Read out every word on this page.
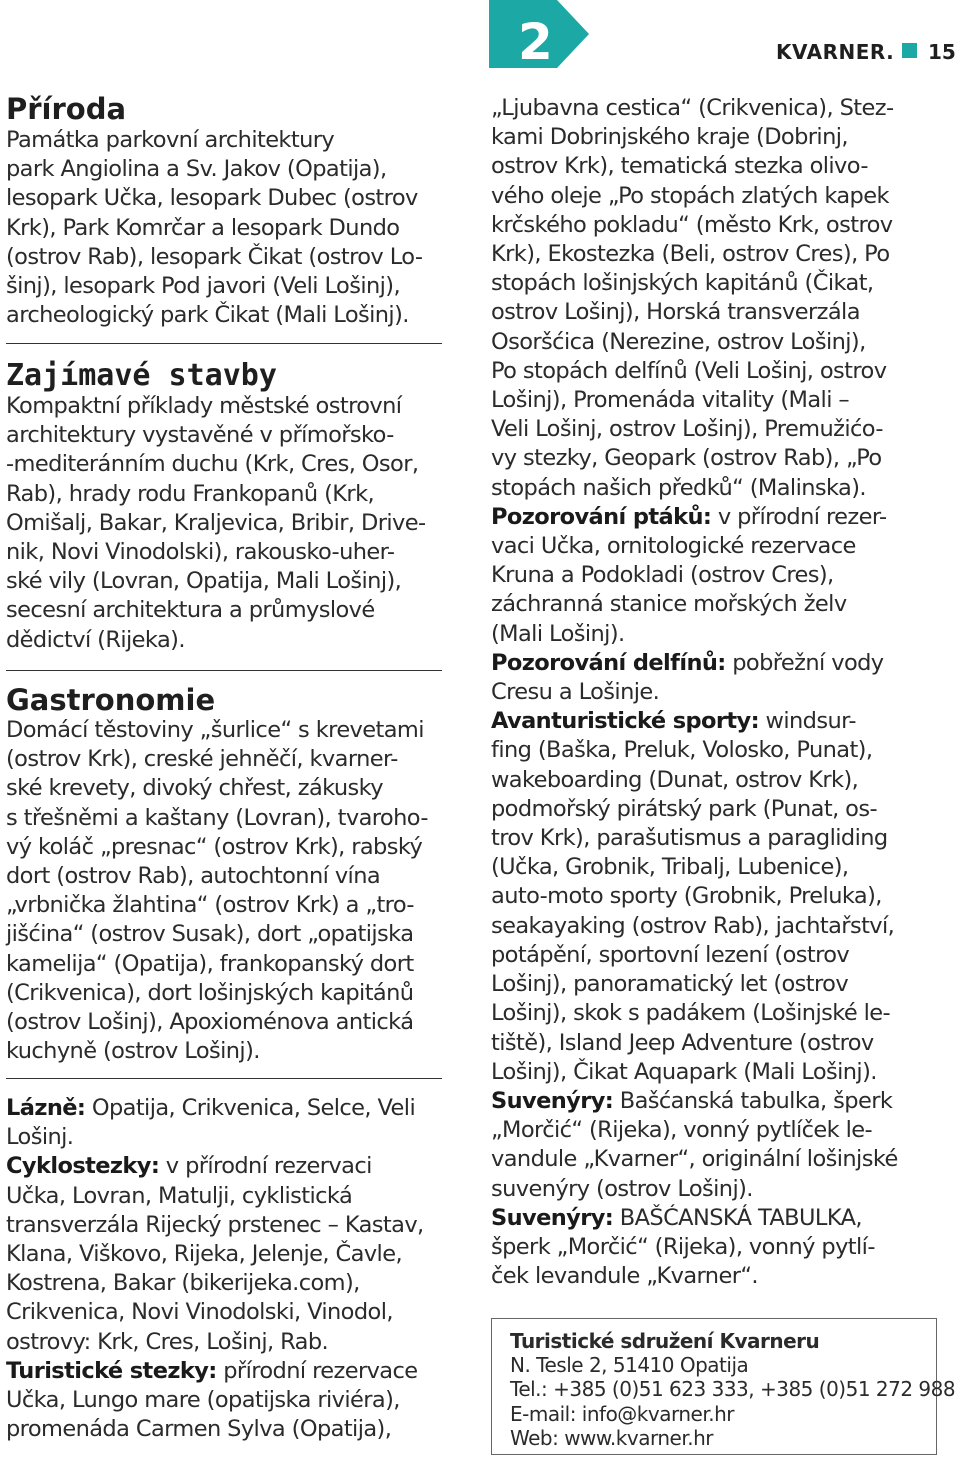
2	KVARNER. 15
Příroda

Památka parkovní architektury

park Angiolina a Sv. Jakov (Opatija),

lesopark Učka, lesopark Dubec (ostrov

Krk), Park Komrčar a lesopark Dundo

(ostrov Rab), lesopark Čikat (ostrov Lo-

šinj), lesopark Pod javori (Veli Lošinj),

archeologický park Čikat (Mali Lošinj).

Zajímavé stavby

Kompaktní příklady městské ostrovní

architektury vystavěné v přímořsko-

-mediteránním duchu (Krk, Cres, Osor,

Rab), hrady rodu Frankopanů (Krk,

Omišalj, Bakar, Kraljevica, Bribir, Drive-

nik, Novi Vinodolski), rakousko-uher-

ské vily (Lovran, Opatija, Mali Lošinj),

secesní architektura a průmyslové

dědictví (Rijeka).

Gastronomie

Domácí těstoviny „šurlice“ s krevetami

(ostrov Krk), creské jehněčí, kvarner-

ské krevety, divoký chřest, zákusky

s třešněmi a kaštany (Lovran), tvaroho-

vý koláč „presnac“ (ostrov Krk), rabský

dort (ostrov Rab), autochtonní vína

„vrbnička žlahtina“ (ostrov Krk) a „tro-

jišćina“ (ostrov Susak), dort „opatijska

kamelija“ (Opatija), frankopanský dort

(Crikvenica), dort lošinjských kapitánů

(ostrov Lošinj), Apoxioménova antická

kuchyně (ostrov Lošinj).

Lázně: Opatija, Crikvenica, Selce, Veli

Lošinj.

Cyklostezky: v přírodní rezervaci

Učka, Lovran, Matulji, cyklistická

transverzála Rijecký prstenec – Kastav,

Klana, Viškovo, Rijeka, Jelenje, Čavle,

Kostrena, Bakar (bikerijeka.com),

Crikvenica, Novi Vinodolski, Vinodol,

ostrovy: Krk, Cres, Lošinj, Rab.

Turistické stezky: přírodní rezervace

Učka, Lungo mare (opatijska riviéra),

promenáda Carmen Sylva (Opatija),

„Ljubavna cestica“ (Crikvenica), Stez-

kami Dobrinjského kraje (Dobrinj,

ostrov Krk), tematická stezka olivo-

vého oleje „Po stopách zlatých kapek

krčského pokladu“ (město Krk, ostrov

Krk), Ekostezka (Beli, ostrov Cres), Po

stopách lošinjských kapitánů (Čikat,

ostrov Lošinj), Horská transverzála

Osoršćica (Nerezine, ostrov Lošinj),

Po stopách delfínů (Veli Lošinj, ostrov

Lošinj), Promenáda vitality (Mali –

Veli Lošinj, ostrov Lošinj), Premužićo-

vy stezky, Geopark (ostrov Rab), „Po

stopách našich předků“ (Malinska).

Pozorování ptáků: v přírodní rezer-

vaci Učka, ornitologické rezervace

Kruna a Podokladi (ostrov Cres),

záchranná stanice mořských želv

(Mali Lošinj).

Pozorování delfínů: pobřežní vody

Cresu a Lošinje.

Avanturistické sporty: windsur-

fing (Baška, Preluk, Volosko, Punat),

wakeboarding (Dunat, ostrov Krk),

podmořský pirátský park (Punat, os-

trov Krk), parašutismus a paragliding

(Učka, Grobnik, Tribalj, Lubenice),

auto-moto sporty (Grobnik, Preluka),

seakayaking (ostrov Rab), jachtařství,

potápění, sportovní lezení (ostrov

Lošinj), panoramatický let (ostrov

Lošinj), skok s padákem (Lošinjské le-

tiště), Island Jeep Adventure (ostrov

Lošinj), Čikat Aquapark (Mali Lošinj).

Suvenýry: Bašćanská tabulka, šperk

„Morčić“ (Rijeka), vonný pytlíček le-

vandule „Kvarner“, originální lošinjské

suvenýry (ostrov Lošinj).

Suvenýry: BAŠĆANSKÁ TABULKA,

šperk „Morčić“ (Rijeka), vonný pytlí-

ček levandule „Kvarner“.

Turistické sdružení Kvarneru

N. Tesle 2, 51410 Opatija

Tel.: +385 (0)51 623 333, +385 (0)51 272 988

E-mail: info@kvarner.hr

Web: www.kvarner.hr
